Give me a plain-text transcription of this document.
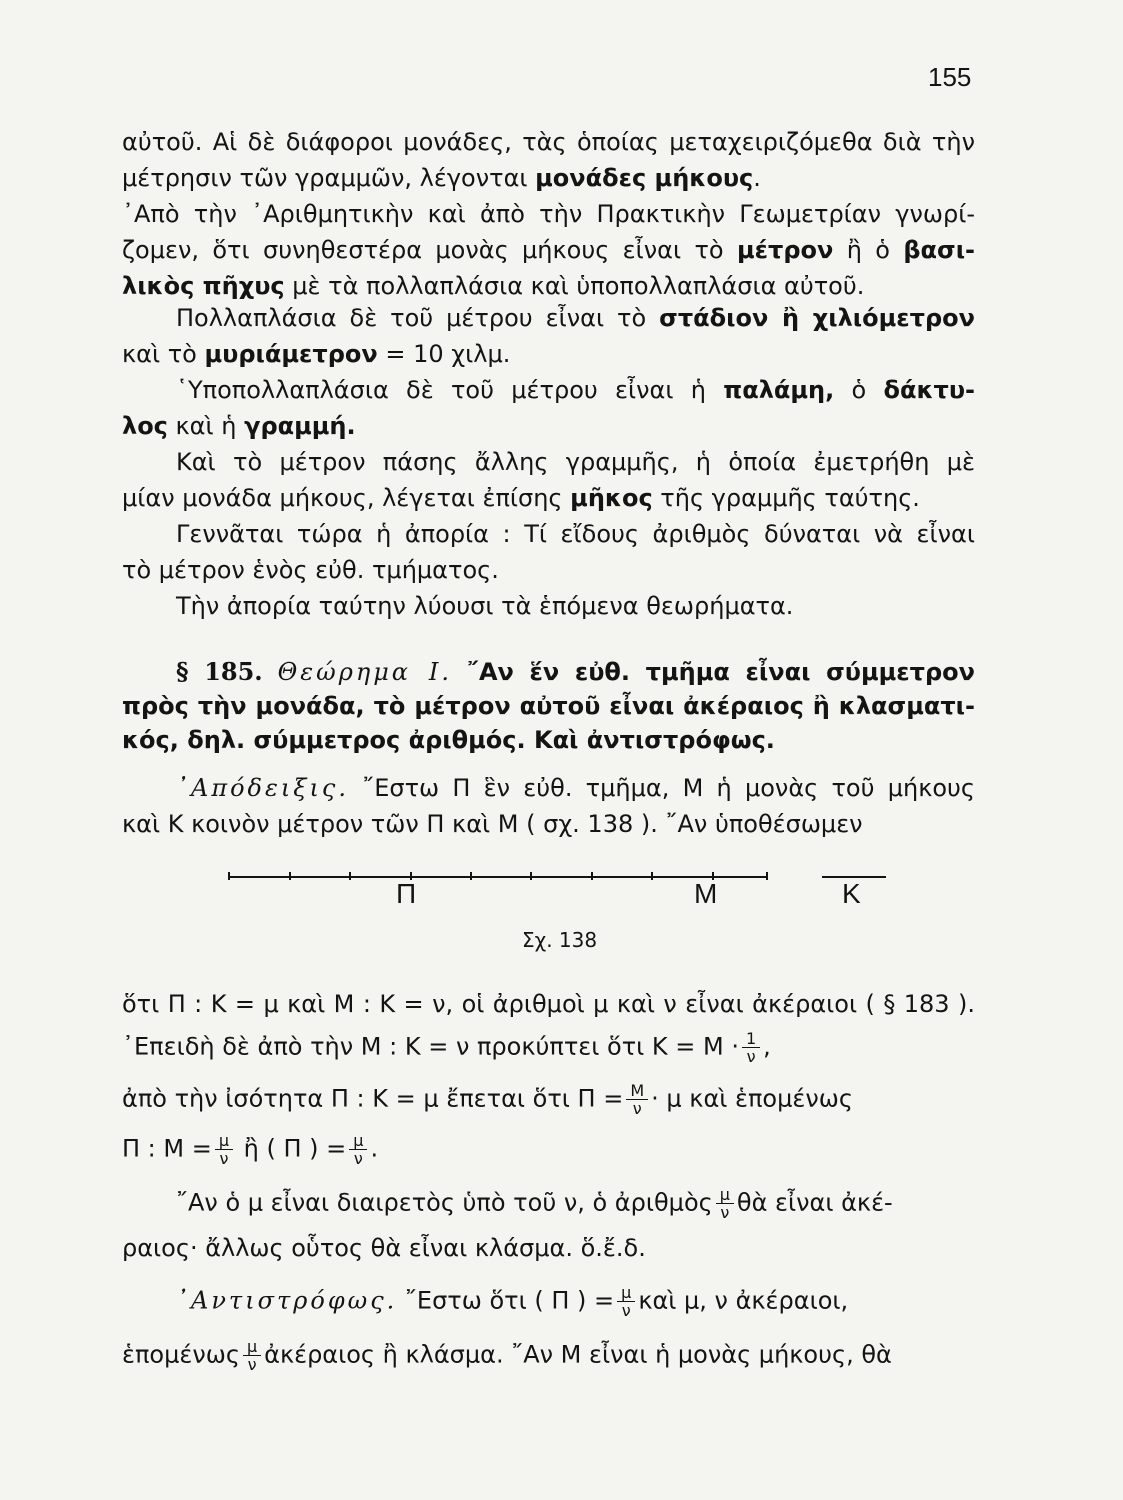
155
αὐτοῦ. Αἱ δὲ διάφοροι μονάδες, τὰς ὁποίας μεταχειριζόμεθα διὰ τὴν
μέτρησιν τῶν γραμμῶν, λέγονται μονάδες μήκους.
᾿Απὸ τὴν ᾿Αριθμητικὴν καὶ ἀπὸ τὴν Πρακτικὴν Γεωμετρίαν γνωρί-
ζομεν, ὅτι συνηθεστέρα μονὰς μήκους εἶναι τὸ μέτρον ἢ ὁ βασι-
λικὸς πῆχυς μὲ τὰ πολλαπλάσια καὶ ὑποπολλαπλάσια αὐτοῦ.
Πολλαπλάσια δὲ τοῦ μέτρου εἶναι τὸ στάδιον ἢ χιλιόμετρον
καὶ τὸ μυριάμετρον = 10 χιλμ.
῾Υποπολλαπλάσια δὲ τοῦ μέτρου εἶναι ἡ παλάμη, ὁ δάκτυ-
λος καὶ ἡ γραμμή.
Καὶ τὸ μέτρον πάσης ἄλλης γραμμῆς, ἡ ὁποία ἐμετρήθη μὲ
μίαν μονάδα μήκους, λέγεται ἐπίσης μῆκος τῆς γραμμῆς ταύτης.
Γεννᾶται τώρα ἡ ἀπορία : Τί εἴδους ἀριθμὸς δύναται νὰ εἶναι
τὸ μέτρον ἑνὸς εὐθ. τμήματος.
Τὴν ἀπορία ταύτην λύουσι τὰ ἑπόμενα θεωρήματα.
§ 185. Θεώρημα Ι. ῎Αν ἕν εὐθ. τμῆμα εἶναι σύμμετρον
πρὸς τὴν μονάδα, τὸ μέτρον αὐτοῦ εἶναι ἀκέραιος ἢ κλασματι-
κός, δηλ. σύμμετρος ἀριθμός. Καὶ ἀντιστρόφως.
᾿Απόδειξις. ῎Εστω Π ἓν εὐθ. τμῆμα, Μ ἡ μονὰς τοῦ μήκους
καὶ Κ κοινὸν μέτρον τῶν Π καὶ Μ ( σχ. 138 ). ῎Αν ὑποθέσωμεν
Π	Μ	Κ
Σχ. 138
ὅτι Π : Κ = μ καὶ Μ : Κ = ν, οἱ ἀριθμοὶ μ καὶ ν εἶναι ἀκέραιοι ( § 183 ).
᾿Επειδὴ δὲ ἀπὸ τὴν Μ : Κ = ν προκύπτει ὅτι $K = M \cdot \frac{1}{\nu}$ ,
ἀπὸ τὴν ἰσότητα Π : Κ = μ ἔπεται ὅτι $\Pi = \frac{M}{\nu} \cdot \mu$ καὶ ἑπομένως
Π : $M = \frac{\mu}{\nu}$ ἢ ( Π ) = $\frac{\mu}{\nu}$ .
῎Αν ὁ μ εἶναι διαιρετὸς ὑπὸ τοῦ ν, ὁ ἀριθμὸς $\frac{\mu}{\nu}$ θὰ εἶναι ἀκέ-
ραιος· ἄλλως οὗτος θὰ εἶναι κλάσμα. ὅ.ἔ.δ.
᾿Αντιστρόφως. ῎Εστω ὅτι ( Π ) = $\frac{\mu}{\nu}$ καὶ μ, ν ἀκέραιοι,
ἑπομένως $\frac{\mu}{\nu}$ ἀκέραιος ἢ κλάσμα. ῎Αν Μ εἶναι ἡ μονὰς μήκους, θὰ
